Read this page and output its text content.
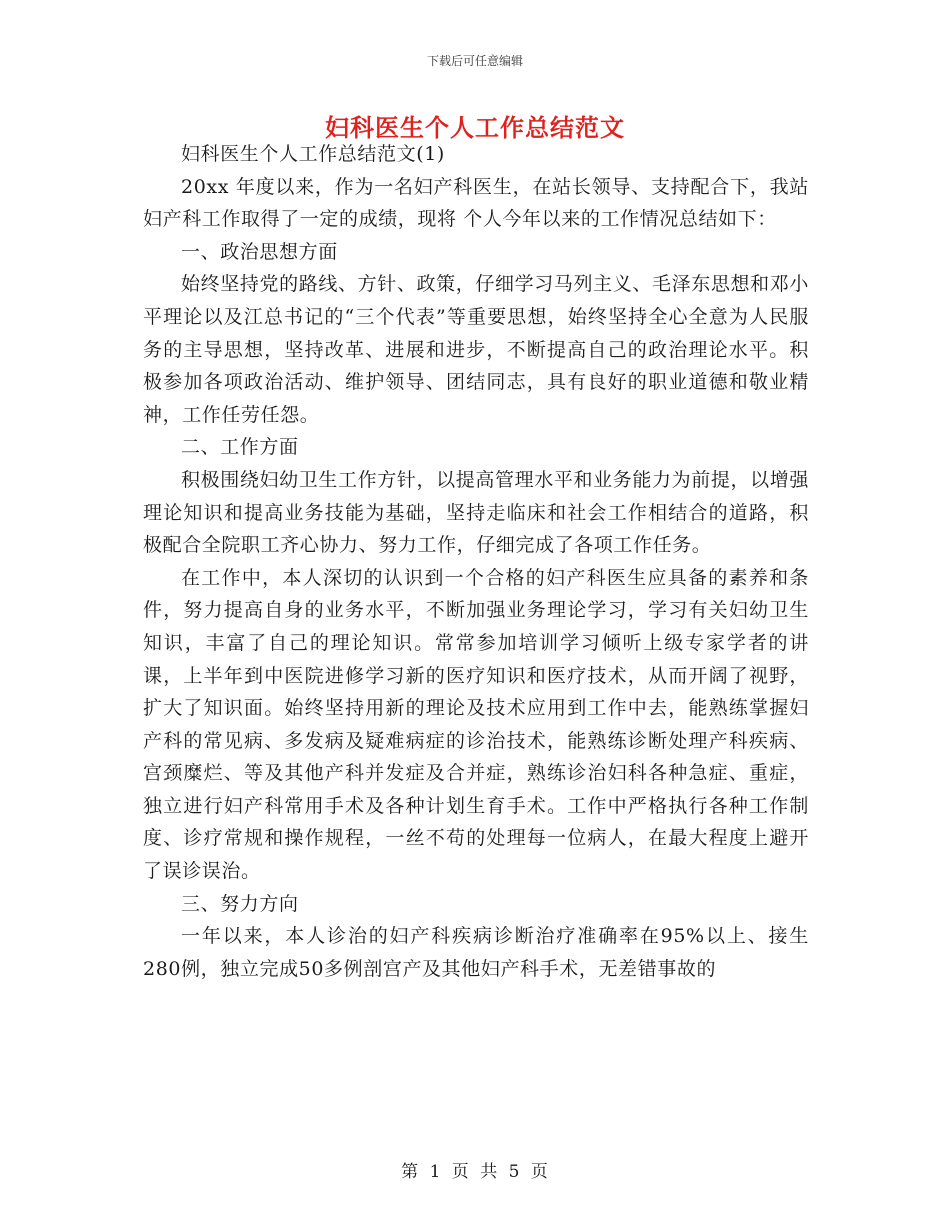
下载后可任意编辑
妇科医生个人工作总结范文

妇科医生个人工作总结范文(1)

20xx 年度以来，作为一名妇产科医生，在站长领导、支持配合下，我站妇产科工作取得了一定的成绩，现将 个人今年以来的工作情况总结如下：

一、政治思想方面

始终坚持党的路线、方针、政策，仔细学习马列主义、毛泽东思想和邓小平理论以及江总书记的“三个代表”等重要思想，始终坚持全心全意为人民服务的主导思想，坚持改革、进展和进步，不断提高自己的政治理论水平。积极参加各项政治活动、维护领导、团结同志，具有良好的职业道德和敬业精神，工作任劳任怨。

二、工作方面

积极围绕妇幼卫生工作方针，以提高管理水平和业务能力为前提，以增强理论知识和提高业务技能为基础，坚持走临床和社会工作相结合的道路，积极配合全院职工齐心协力、努力工作，仔细完成了各项工作任务。

在工作中，本人深切的认识到一个合格的妇产科医生应具备的素养和条件，努力提高自身的业务水平，不断加强业务理论学习，学习有关妇幼卫生知识，丰富了自己的理论知识。常常参加培训学习倾听上级专家学者的讲课，上半年到中医院进修学习新的医疗知识和医疗技术，从而开阔了视野，扩大了知识面。始终坚持用新的理论及技术应用到工作中去，能熟练掌握妇产科的常见病、多发病及疑难病症的诊治技术，能熟练诊断处理产科疾病、宫颈糜烂、等及其他产科并发症及合并症，熟练诊治妇科各种急症、重症，独立进行妇产科常用手术及各种计划生育手术。工作中严格执行各种工作制度、诊疗常规和操作规程，一丝不苟的处理每一位病人，在最大程度上避开了误诊误治。

三、努力方向

一年以来，本人诊治的妇产科疾病诊断治疗准确率在95%以上、接生280例，独立完成50多例剖宫产及其他妇产科手术，无差错事故的

第 1 页 共 5 页
